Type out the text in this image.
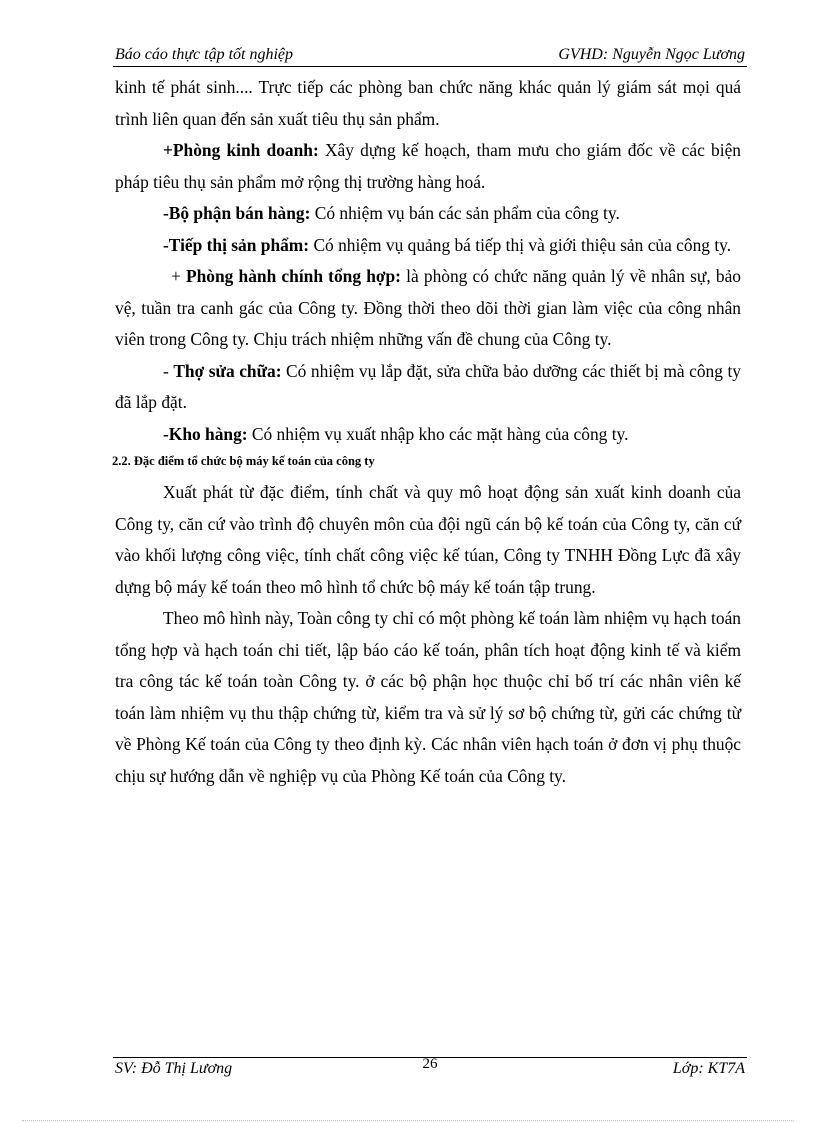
Báo cáo thực tập tốt nghiệp	GVHD: Nguyễn Ngọc Lương

kinh tế phát sinh.... Trực tiếp các phòng ban chức năng khác quản lý giám sát mọi quá trình liên quan đến sản xuất tiêu thụ sản phẩm.

+Phòng kinh doanh: Xây dựng kế hoạch, tham mưu cho giám đốc về các biện pháp tiêu thụ sản phẩm mở rộng thị trường hàng hoá.

-Bộ phận bán hàng: Có nhiệm vụ bán các sản phẩm của công ty.

-Tiếp thị sản phẩm: Có nhiệm vụ quảng bá tiếp thị và giới thiệu sản của công ty.

+ Phòng hành chính tổng hợp: là phòng có chức năng quản lý về nhân sự, bảo vệ, tuần tra canh gác của Công ty. Đồng thời theo dõi thời gian làm việc của công nhân viên trong Công ty. Chịu trách nhiệm những vấn đề chung của Công ty.

- Thợ sửa chữa: Có nhiệm vụ lắp đặt, sửa chữa bảo dưỡng các thiết bị mà công ty đã lắp đặt.

-Kho hàng: Có nhiệm vụ xuất nhập kho các mặt hàng của công ty.

2.2. Đặc điểm tổ chức bộ máy kế toán của công ty

Xuất phát từ đặc điểm, tính chất và quy mô hoạt động sản xuất kinh doanh của Công ty, căn cứ vào trình độ chuyên môn của đội ngũ cán bộ kế toán của Công ty, căn cứ vào khối lượng công việc, tính chất công việc kế túan, Công ty TNHH Đồng Lực đã xây dựng bộ máy kế toán theo mô hình tổ chức bộ máy kế toán tập trung.

Theo mô hình này, Toàn công ty chỉ có một phòng kế toán làm nhiệm vụ hạch toán tổng hợp và hạch toán chi tiết, lập báo cáo kế toán, phân tích hoạt động kinh tế và kiểm tra công tác kế toán toàn Công ty. ở các bộ phận học thuộc chỉ bố trí các nhân viên kế toán làm nhiệm vụ thu thập chứng từ, kiểm tra và sử lý sơ bộ chứng từ, gửi các chứng từ về Phòng Kế toán của Công ty theo định kỳ. Các nhân viên hạch toán ở đơn vị phụ thuộc chịu sự hướng dẫn về nghiệp vụ của Phòng Kế toán của Công ty.

SV: Đỗ Thị Lương	26	Lớp: KT7A
